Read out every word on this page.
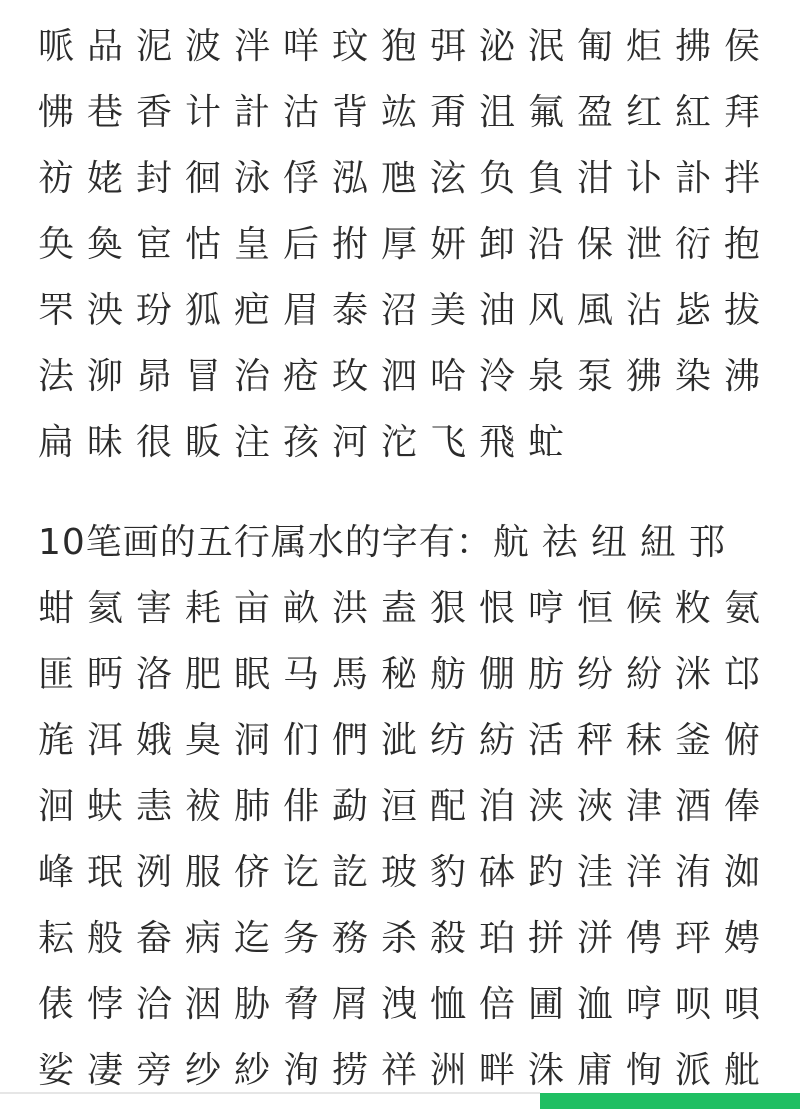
哌品泥波泮咩玟狍弭泌泯匍炬拂侯
怫巷香计計沽背竑甭沮氟盈红紅拜
祊姥封徊泳俘泓虺泫负負泔讣訃拌
奂奐宦怙皇后拊厚妍卸沿保泄衍抱
罘泱玢狐疤眉泰沼美油风風沾毖拔
法泖昴冒治疮玫泗哈泠泉泵狒染沸
扁昧很眅注孩河沱飞飛虻
10笔画的五行属水的字有：航祛纽紐邘
蚶氦害耗亩畝洪盍狠恨哼恒候敉氨
匪眄洛肥眠马馬秘舫倗肪纷紛洣邙
旄洱娥臭洞们們泚纺紡活秤秣釜俯
洄蚨恚袚肺俳勐洹配洎浃浹津酒俸
峰珉洌服侪讫訖玻豹砵趵洼洋洧洳
耘般畚病迄务務杀殺珀拼洴俜玶娉
俵悖洽洇胁脅屑洩恤倍圃洫哼呗唄
娑凄旁纱紗洵捞祥洲畔洙庯恂派舭
